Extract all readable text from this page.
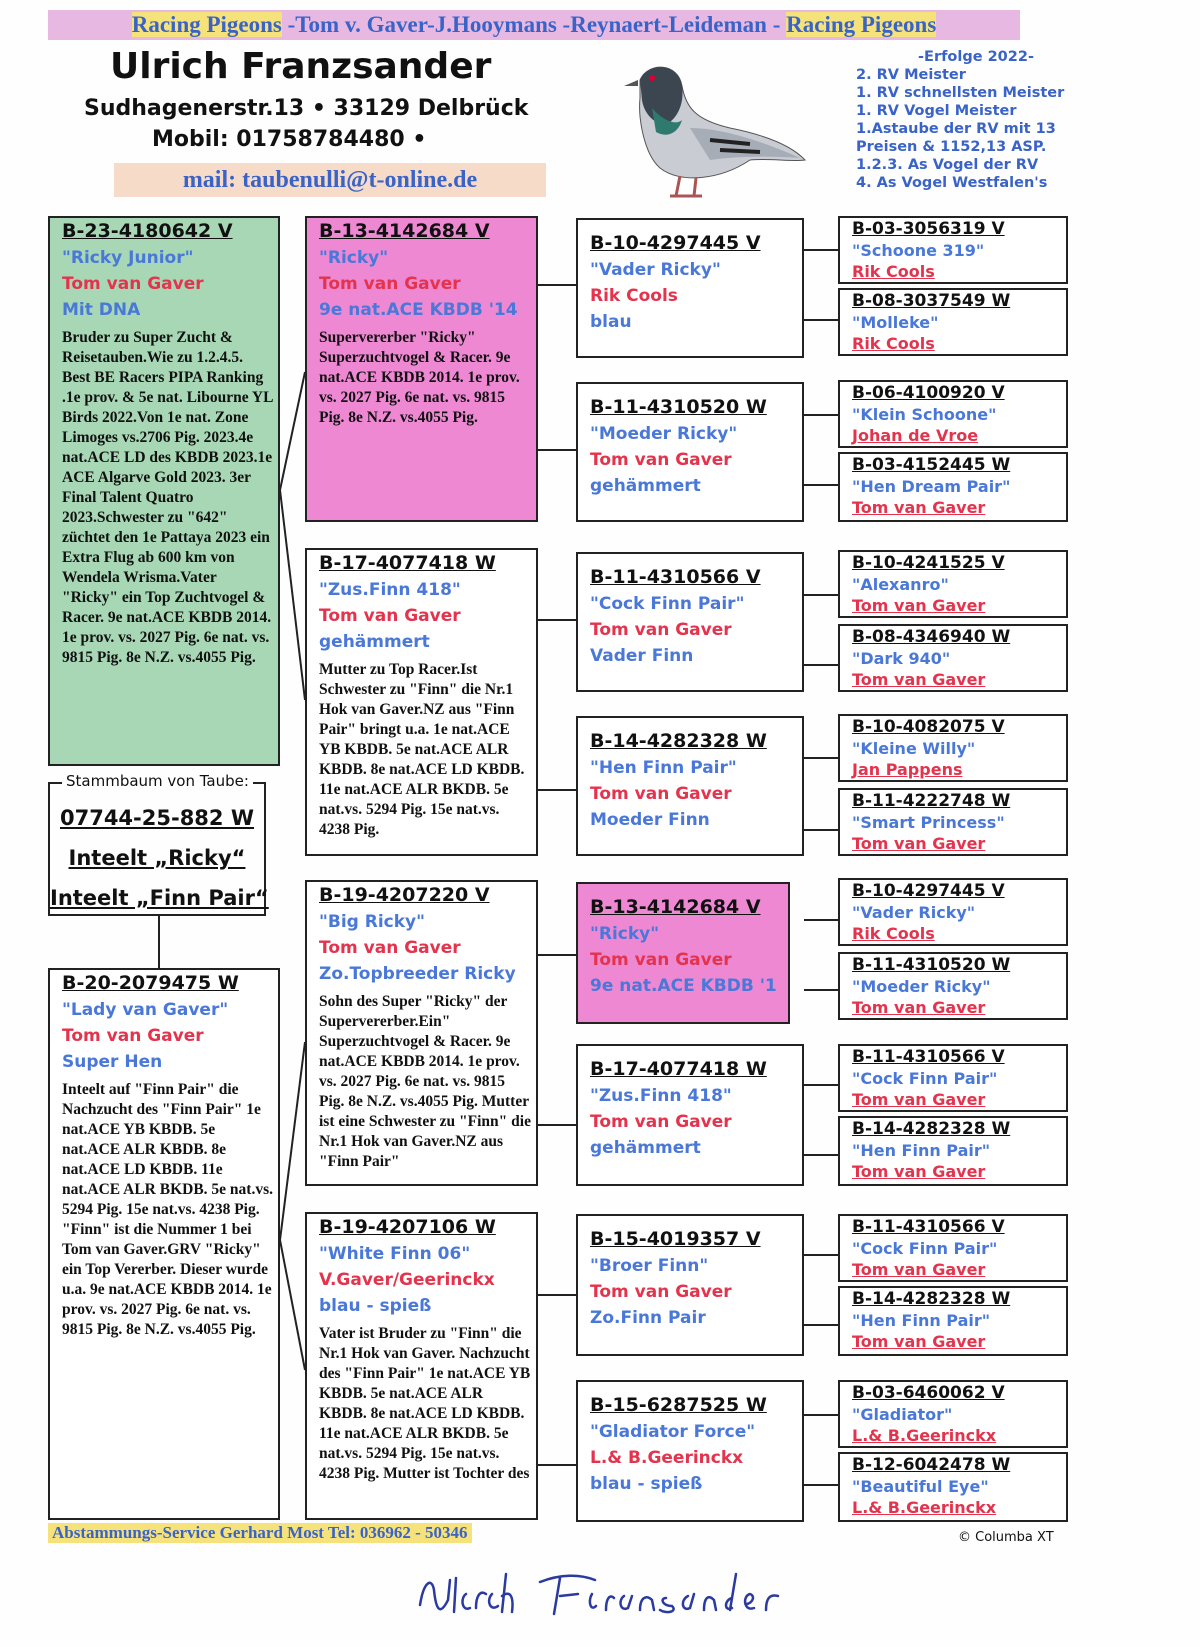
Racing Pigeons -Tom v. Gaver-J.Hooymans -Reynaert-Leideman - Racing Pigeons
Ulrich Franzsander
Sudhagenerstr.13 • 33129 Delbrück
Mobil: 01758784480 •
mail: taubenulli@t-online.de
-Erfolge 2022-
2. RV Meister
1. RV schnellsten Meister
1. RV Vogel Meister
1.Astaube der RV mit 13
Preisen & 1152,13 ASP.
1.2.3. As Vogel der RV
4. As Vogel Westfalen's
B-23-4180642 V
"Ricky Junior"
Tom van Gaver
Mit DNA
Bruder zu Super Zucht & Reisetauben.Wie zu 1.2.4.5. Best BE Racers PIPA Ranking .1e prov. & 5e nat. Libourne YL Birds 2022.Von 1e nat. Zone Limoges vs.2706 Pig. 2023.4e nat.ACE LD des KBDB 2023.1e ACE Algarve Gold 2023. 3er Final Talent Quatro 2023.Schwester zu "642" züchtet den 1e Pattaya 2023 ein Extra Flug ab 600 km von Wendela Wrisma.Vater "Ricky" ein Top Zuchtvogel & Racer. 9e nat.ACE KBDB 2014. 1e prov. vs. 2027 Pig. 6e nat. vs. 9815 Pig. 8e N.Z. vs.4055 Pig.
Stammbaum von Taube:
07744-25-882 W
Inteelt „Ricky“
Inteelt „Finn Pair“
B-20-2079475 W
"Lady van Gaver"
Tom van Gaver
Super Hen
Inteelt auf "Finn Pair" die Nachzucht des "Finn Pair" 1e nat.ACE YB KBDB. 5e nat.ACE ALR KBDB. 8e nat.ACE LD KBDB. 11e nat.ACE ALR BKDB. 5e nat.vs. 5294 Pig. 15e nat.vs. 4238 Pig. "Finn" ist die Nummer 1 bei Tom van Gaver.GRV "Ricky" ein Top Vererber. Dieser wurde u.a. 9e nat.ACE KBDB 2014. 1e prov. vs. 2027 Pig. 6e nat. vs. 9815 Pig. 8e N.Z. vs.4055 Pig.
B-13-4142684 V
"Ricky"
Tom van Gaver
9e nat.ACE KBDB '14
Supervererber "Ricky" Superzuchtvogel & Racer. 9e nat.ACE KBDB 2014. 1e prov. vs. 2027 Pig. 6e nat. vs. 9815 Pig. 8e N.Z. vs.4055 Pig.
B-17-4077418 W
"Zus.Finn 418"
Tom van Gaver
gehämmert
Mutter zu Top Racer.Ist Schwester zu "Finn" die Nr.1 Hok van Gaver.NZ aus "Finn Pair" bringt u.a. 1e nat.ACE YB KBDB. 5e nat.ACE ALR KBDB. 8e nat.ACE LD KBDB. 11e nat.ACE ALR BKDB. 5e nat.vs. 5294 Pig. 15e nat.vs. 4238 Pig.
B-19-4207220 V
"Big Ricky"
Tom van Gaver
Zo.Topbreeder Ricky
Sohn des Super "Ricky" der Supervererber.Ein" Superzuchtvogel & Racer. 9e nat.ACE KBDB 2014. 1e prov. vs. 2027 Pig. 6e nat. vs. 9815 Pig. 8e N.Z. vs.4055 Pig. Mutter ist eine Schwester zu "Finn" die Nr.1 Hok van Gaver.NZ aus "Finn Pair"
B-19-4207106 W
"White Finn 06"
V.Gaver/Geerinckx
blau - spieß
Vater ist Bruder zu "Finn" die Nr.1 Hok van Gaver. Nachzucht des "Finn Pair" 1e nat.ACE YB KBDB. 5e nat.ACE ALR KBDB. 8e nat.ACE LD KBDB. 11e nat.ACE ALR BKDB. 5e nat.vs. 5294 Pig. 15e nat.vs. 4238 Pig. Mutter ist Tochter des
B-10-4297445 V
"Vader Ricky"
Rik Cools
blau
B-11-4310520 W
"Moeder Ricky"
Tom van Gaver
gehämmert
B-11-4310566 V
"Cock Finn Pair"
Tom van Gaver
Vader Finn
B-14-4282328 W
"Hen Finn Pair"
Tom van Gaver
Moeder Finn
B-13-4142684 V
"Ricky"
Tom van Gaver
9e nat.ACE KBDB '1
B-17-4077418 W
"Zus.Finn 418"
Tom van Gaver
gehämmert
B-15-4019357 V
"Broer Finn"
Tom van Gaver
Zo.Finn Pair
B-15-6287525 W
"Gladiator Force"
L.& B.Geerinckx
blau - spieß
B-03-3056319 V
"Schoone 319"
Rik Cools
B-08-3037549 W
"Molleke"
Rik Cools
B-06-4100920 V
"Klein Schoone"
Johan de Vroe
B-03-4152445 W
"Hen Dream Pair"
Tom van Gaver
B-10-4241525 V
"Alexanro"
Tom van Gaver
B-08-4346940 W
"Dark 940"
Tom van Gaver
B-10-4082075 V
"Kleine Willy"
Jan Pappens
B-11-4222748 W
"Smart Princess"
Tom van Gaver
B-10-4297445 V
"Vader Ricky"
Rik Cools
B-11-4310520 W
"Moeder Ricky"
Tom van Gaver
B-11-4310566 V
"Cock Finn Pair"
Tom van Gaver
B-14-4282328 W
"Hen Finn Pair"
Tom van Gaver
B-11-4310566 V
"Cock Finn Pair"
Tom van Gaver
B-14-4282328 W
"Hen Finn Pair"
Tom van Gaver
B-03-6460062 V
"Gladiator"
L.& B.Geerinckx
B-12-6042478 W
"Beautiful Eye"
L.& B.Geerinckx
Abstammungs-Service Gerhard Most Tel: 036962 - 50346	© Columba XT
